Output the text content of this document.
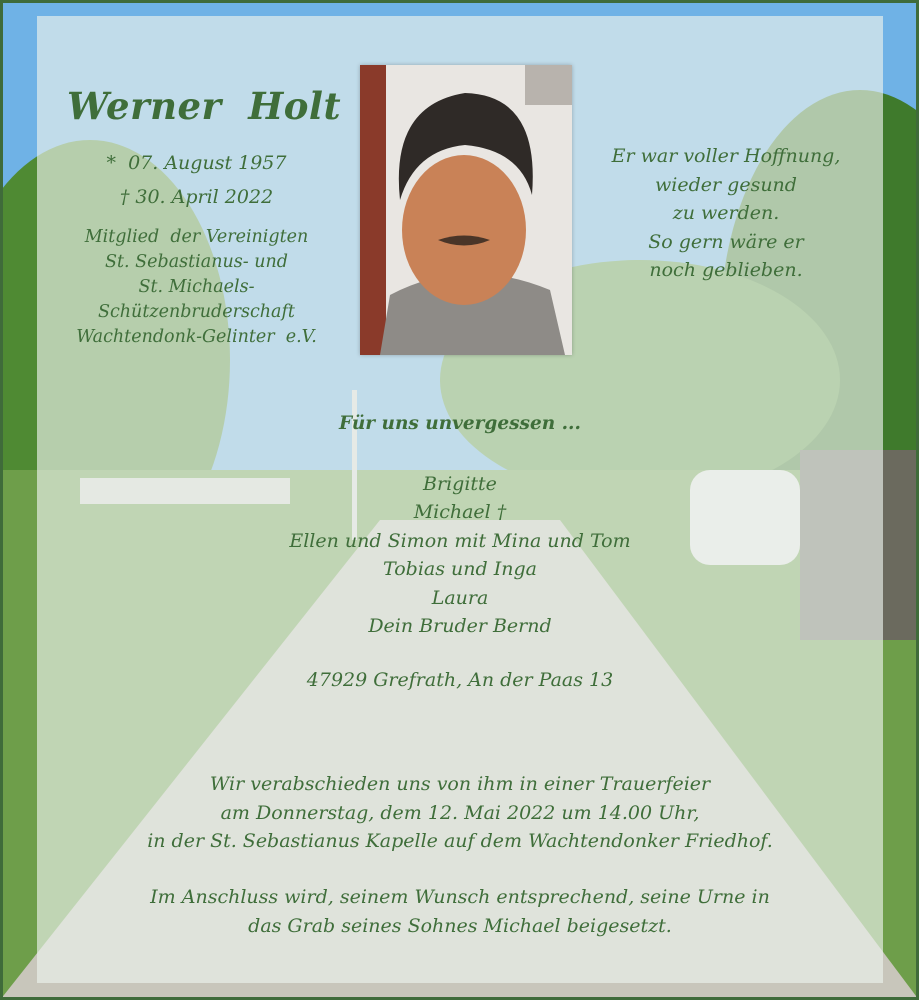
Werner  Holt
*  07. August 1957
† 30. April 2022
Mitglied  der Vereinigten
St. Sebastianus- und
St. Michaels-
Schützenbruderschaft
Wachtendonk-Gelinter  e.V.
Er war voller Hoffnung,
wieder gesund
zu werden.
So gern wäre er
noch geblieben.
Für uns unvergessen ...
Brigitte
Michael †
Ellen und Simon mit Mina und Tom
Tobias und Inga
Laura
Dein Bruder Bernd
47929 Grefrath, An der Paas 13
Wir verabschieden uns von ihm in einer Trauerfeier
am Donnerstag, dem 12. Mai 2022 um 14.00 Uhr,
in der St. Sebastianus Kapelle auf dem Wachtendonker Friedhof.
Im Anschluss wird, seinem Wunsch entsprechend, seine Urne in
das Grab seines Sohnes Michael beigesetzt.
